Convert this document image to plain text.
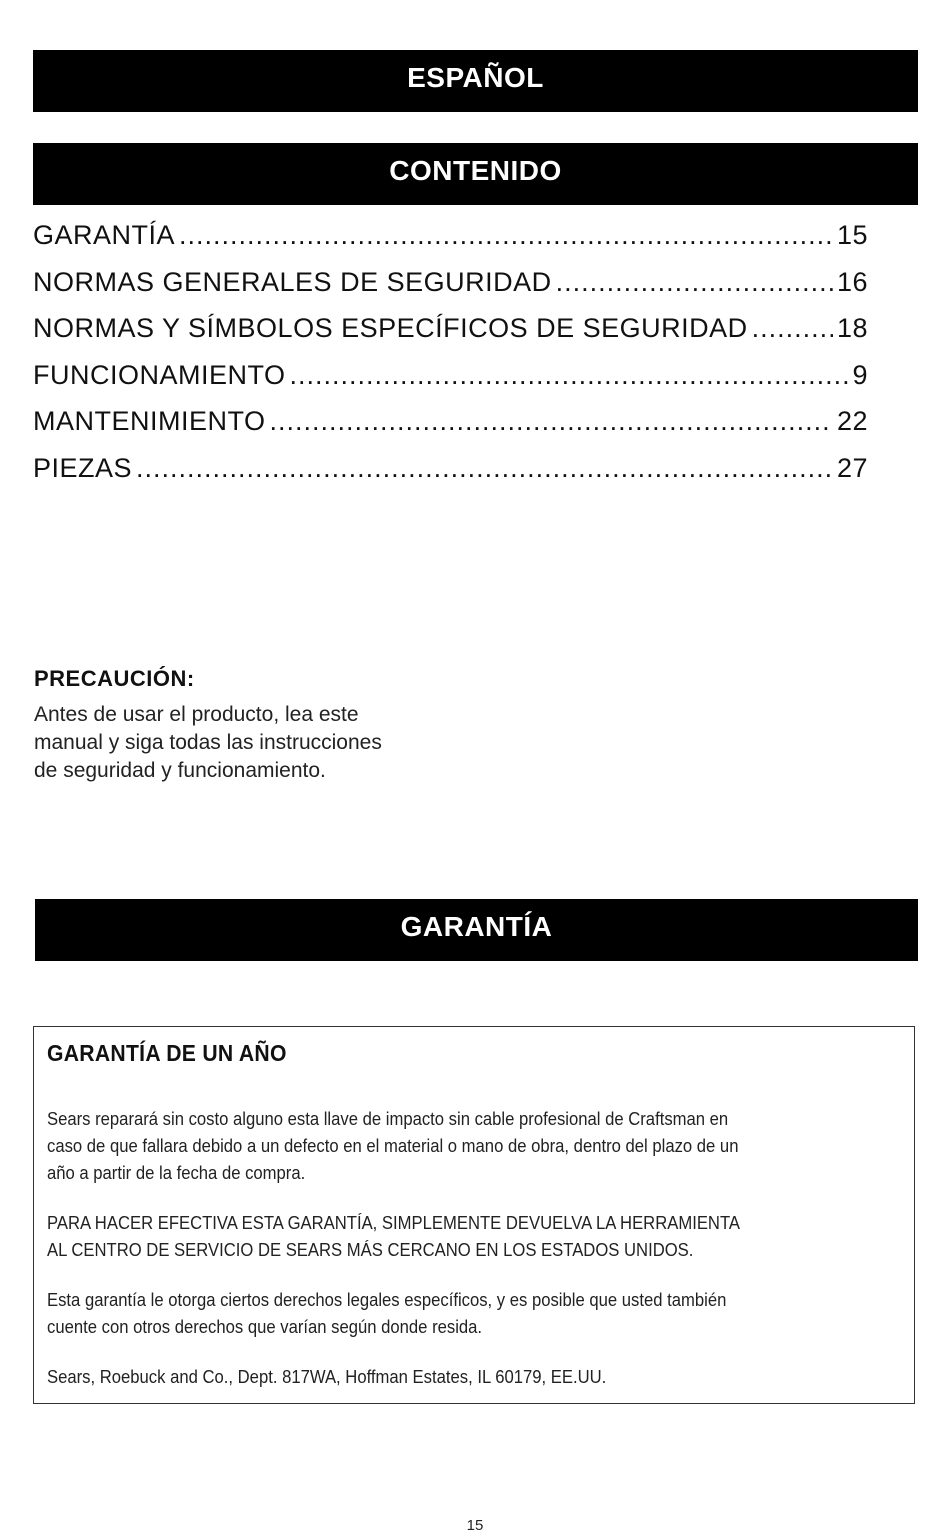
ESPAÑOL
CONTENIDO
GARANTÍA .....	15
NORMAS GENERALES DE SEGURIDAD .....	16
NORMAS Y SÍMBOLOS ESPECÍFICOS DE SEGURIDAD .....	18
FUNCIONAMIENTO .....	9
MANTENIMIENTO .....	22
PIEZAS .....	27
PRECAUCIÓN:
Antes de usar el producto, lea este
manual y siga todas las instrucciones
de seguridad y funcionamiento.
GARANTÍA
GARANTÍA DE UN AÑO
Sears reparará sin costo alguno esta llave de impacto sin cable profesional de Craftsman en
caso de que fallara debido a un defecto en el material o mano de obra, dentro del plazo de un
año a partir de la fecha de compra.
PARA HACER EFECTIVA ESTA GARANTÍA, SIMPLEMENTE DEVUELVA LA HERRAMIENTA
AL CENTRO DE SERVICIO DE SEARS MÁS CERCANO EN LOS ESTADOS UNIDOS.
Esta garantía le otorga ciertos derechos legales específicos, y es posible que usted también
cuente con otros derechos que varían según donde resida.
Sears, Roebuck and Co., Dept. 817WA, Hoffman Estates, IL 60179, EE.UU.
15
